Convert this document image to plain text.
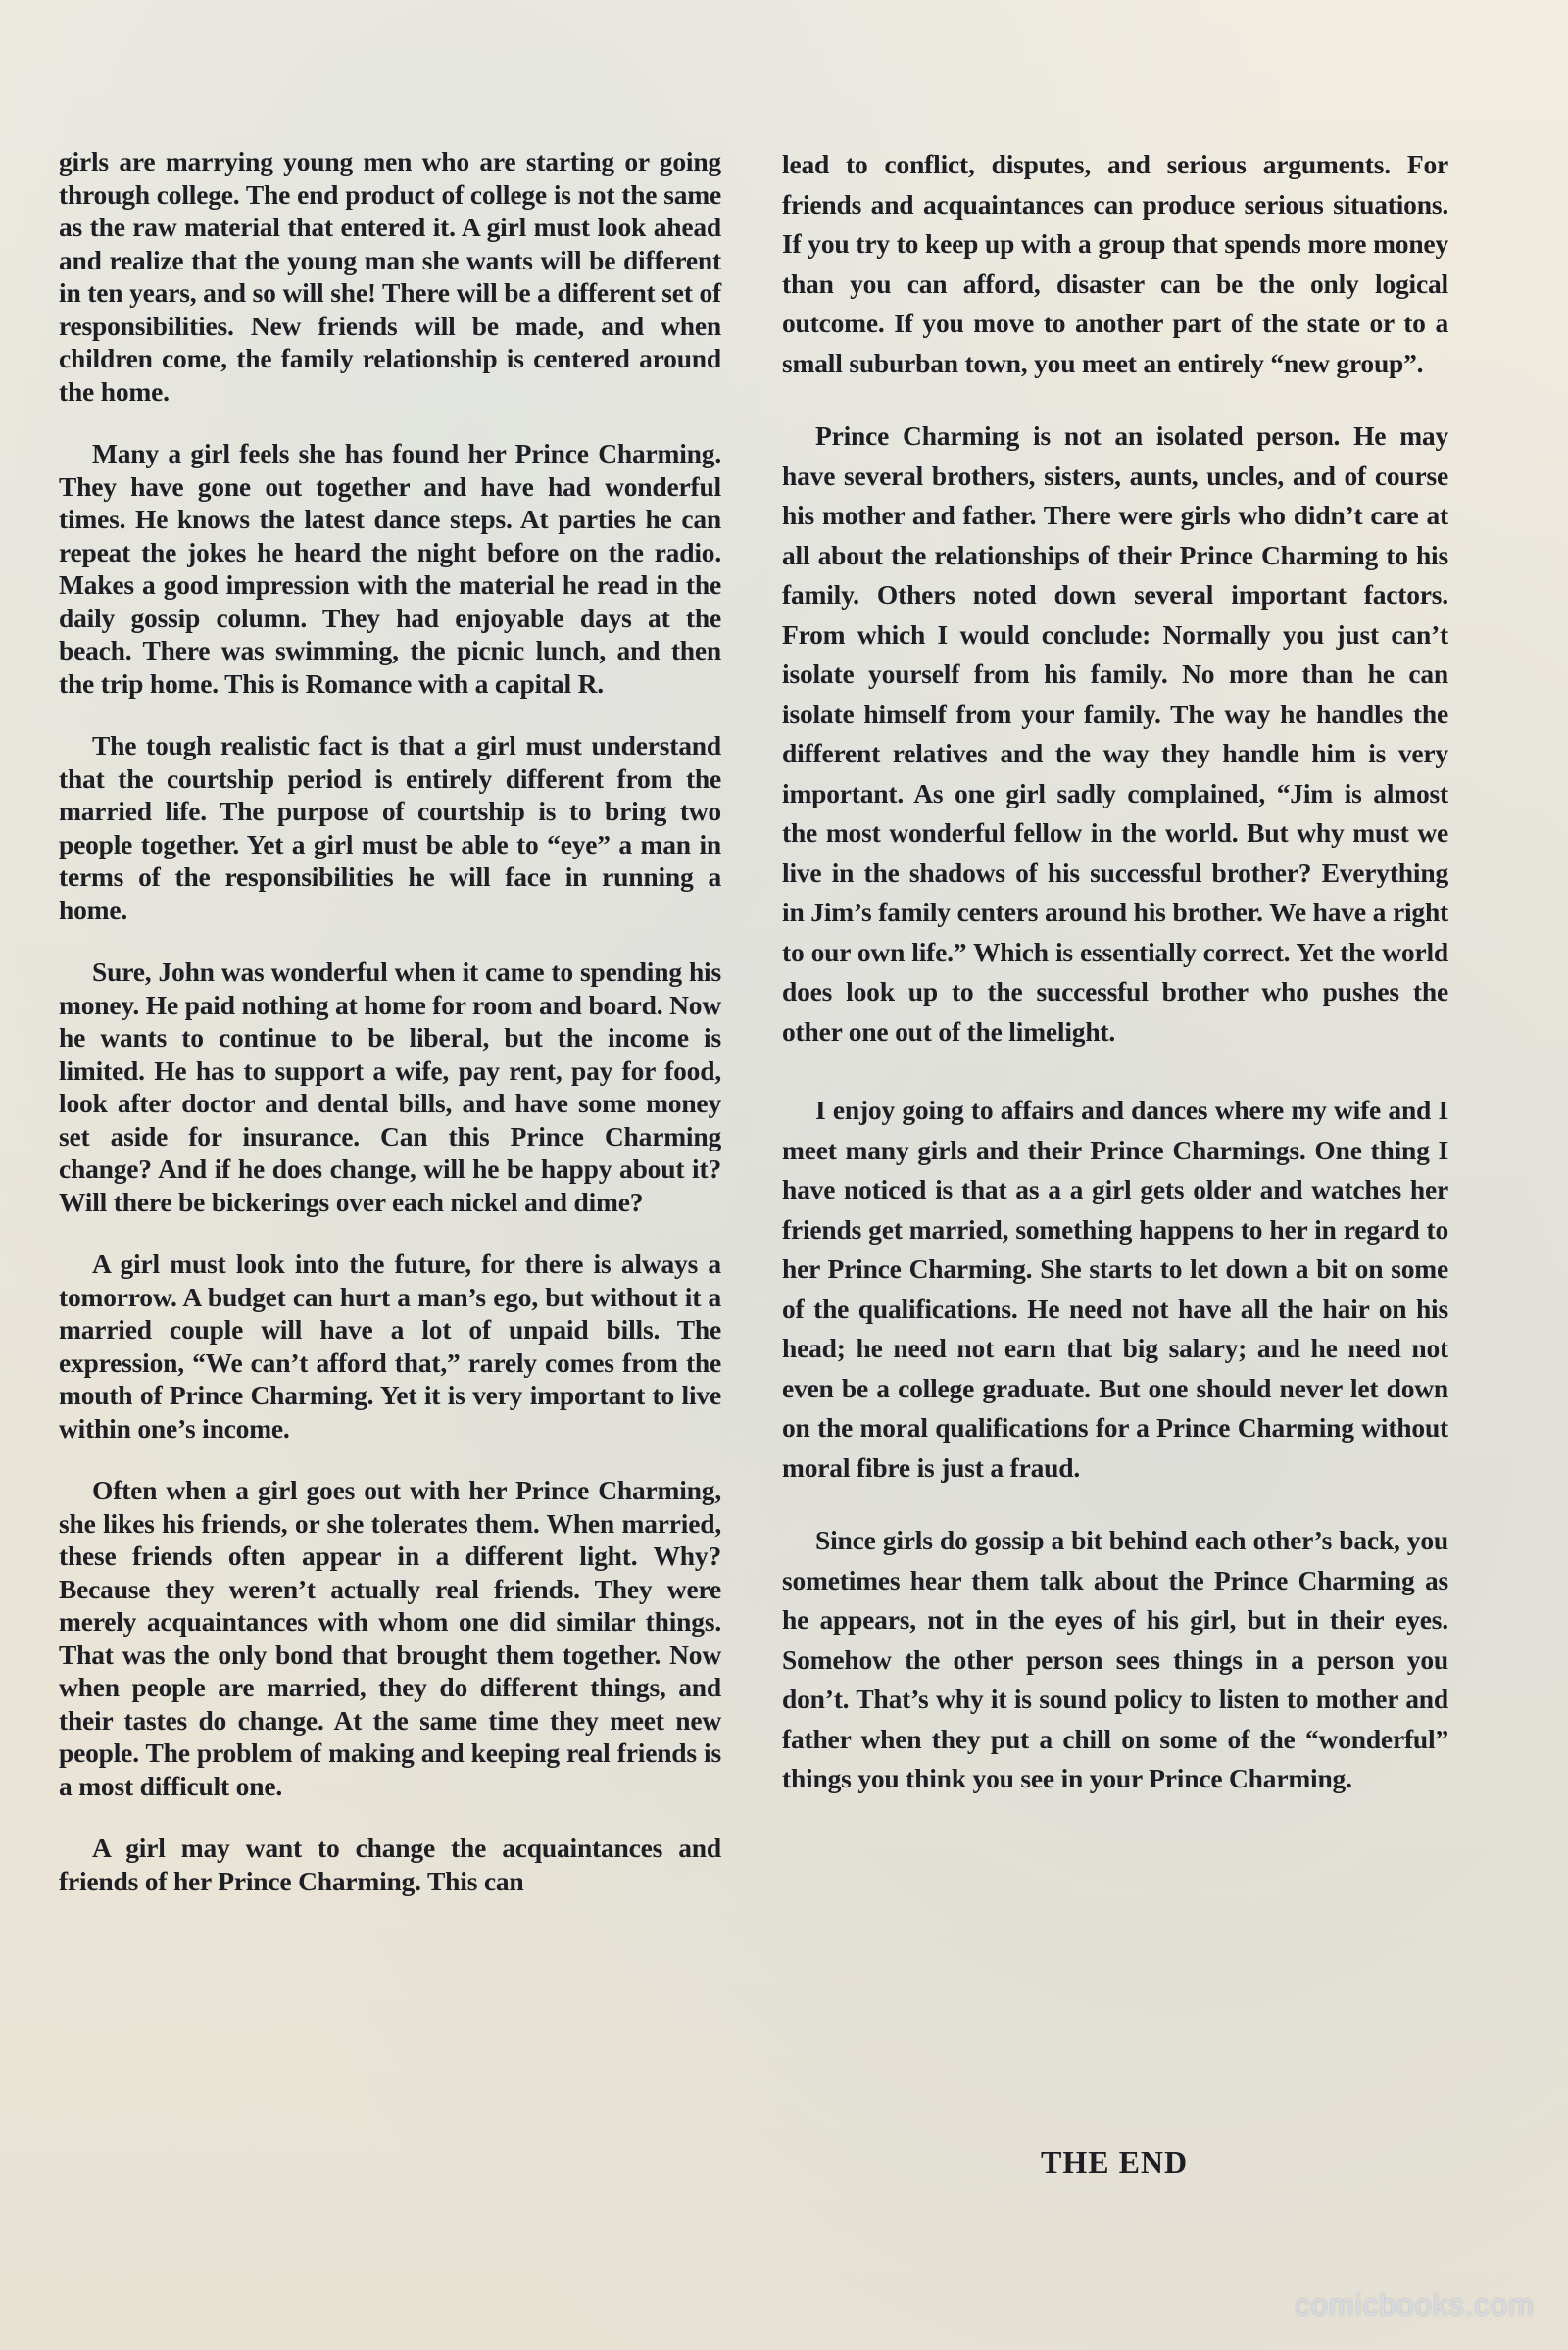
girls are marrying young men who are starting or going through college. The end product of college is not the same as the raw material that entered it. A girl must look ahead and realize that the young man she wants will be different in ten years, and so will she! There will be a different set of responsibilities. New friends will be made, and when children come, the family relationship is centered around the home.

Many a girl feels she has found her Prince Charming. They have gone out together and have had wonderful times. He knows the latest dance steps. At parties he can repeat the jokes he heard the night before on the radio. Makes a good impression with the material he read in the daily gossip column. They had enjoyable days at the beach. There was swimming, the picnic lunch, and then the trip home. This is Romance with a capital R.

The tough realistic fact is that a girl must understand that the courtship period is entirely different from the married life. The purpose of courtship is to bring two people together. Yet a girl must be able to “eye” a man in terms of the responsibilities he will face in running a home.

Sure, John was wonderful when it came to spending his money. He paid nothing at home for room and board. Now he wants to continue to be liberal, but the income is limited. He has to support a wife, pay rent, pay for food, look after doctor and dental bills, and have some money set aside for insurance. Can this Prince Charming change? And if he does change, will he be happy about it? Will there be bickerings over each nickel and dime?

A girl must look into the future, for there is always a tomorrow. A budget can hurt a man’s ego, but without it a married couple will have a lot of unpaid bills. The expression, “We can’t afford that,” rarely comes from the mouth of Prince Charming. Yet it is very important to live within one’s income.

Often when a girl goes out with her Prince Charming, she likes his friends, or she tolerates them. When married, these friends often appear in a different light. Why? Because they weren’t actually real friends. They were merely acquaintances with whom one did similar things. That was the only bond that brought them together. Now when people are married, they do different things, and their tastes do change. At the same time they meet new people. The problem of making and keeping real friends is a most difficult one.

A girl may want to change the acquaintances and friends of her Prince Charming. This can

lead to conflict, disputes, and serious arguments. For friends and acquaintances can produce serious situations. If you try to keep up with a group that spends more money than you can afford, disaster can be the only logical outcome. If you move to another part of the state or to a small suburban town, you meet an entirely “new group”.

Prince Charming is not an isolated person. He may have several brothers, sisters, aunts, uncles, and of course his mother and father. There were girls who didn’t care at all about the relationships of their Prince Charming to his family. Others noted down several important factors. From which I would conclude: Normally you just can’t isolate yourself from his family. No more than he can isolate himself from your family. The way he handles the different relatives and the way they handle him is very important. As one girl sadly complained, “Jim is almost the most wonderful fellow in the world. But why must we live in the shadows of his successful brother? Everything in Jim’s family centers around his brother. We have a right to our own life.” Which is essentially correct. Yet the world does look up to the successful brother who pushes the other one out of the limelight.

I enjoy going to affairs and dances where my wife and I meet many girls and their Prince Charmings. One thing I have noticed is that as a a girl gets older and watches her friends get married, something happens to her in regard to her Prince Charming. She starts to let down a bit on some of the qualifications. He need not have all the hair on his head; he need not earn that big salary; and he need not even be a college graduate. But one should never let down on the moral qualifications for a Prince Charming without moral fibre is just a fraud.

Since girls do gossip a bit behind each other’s back, you sometimes hear them talk about the Prince Charming as he appears, not in the eyes of his girl, but in their eyes. Somehow the other person sees things in a person you don’t. That’s why it is sound policy to listen to mother and father when they put a chill on some of the “wonderful” things you think you see in your Prince Charming.

THE END
comicbooks.com
